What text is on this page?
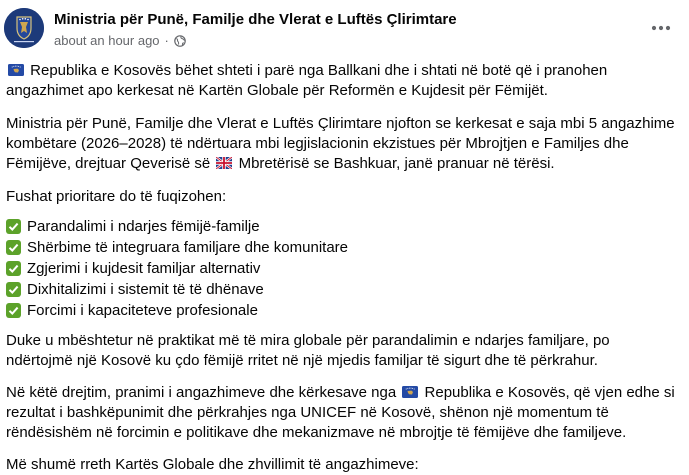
Ministria për Punë, Familje dhe Vlerat e Luftës Çlirimtare
about an hour ago ·

Republika e Kosovës bëhet shteti i parë nga Ballkani dhe i shtati në botë që i pranohen angazhimet apo kerkesat në Kartën Globale për Reformën e Kujdesit për Fëmijët.

Ministria për Punë, Familje dhe Vlerat e Luftës Çlirimtare njofton se kerkesat e saja mbi 5 angazhime kombëtare (2026–2028) të ndërtuara mbi legjislacionin ekzistues për Mbrojtjen e Familjes dhe Fëmijëve, drejtuar Qeverisë së
Mbretërisë se Bashkuar, janë pranuar në tërësi.

Fushat prioritare do të fuqizohen:

Parandalimi i ndarjes fëmijë-familje
Shërbime të integruara familjare dhe komunitare
Zgjerimi i kujdesit familjar alternativ
Dixhitalizimi i sistemit të të dhënave
Forcimi i kapaciteteve profesionale

Duke u mbështetur në praktikat më të mira globale për parandalimin e ndarjes familjare, po ndërtojmë një Kosovë ku çdo fëmijë rritet në një mjedis familjar të sigurt dhe të përkrahur.

Në këtë drejtim, pranimi i angazhimeve dhe kërkesave nga
Republika e Kosovës, që vjen edhe si rezultat i bashkëpunimit dhe përkrahjes nga UNICEF në Kosovë, shënon një momentum të rëndësishëm në forcimin e politikave dhe mekanizmave në mbrojtje të fëmijëve dhe familjeve.

Më shumë rreth Kartës Globale dhe zhvillimit të angazhimeve:
